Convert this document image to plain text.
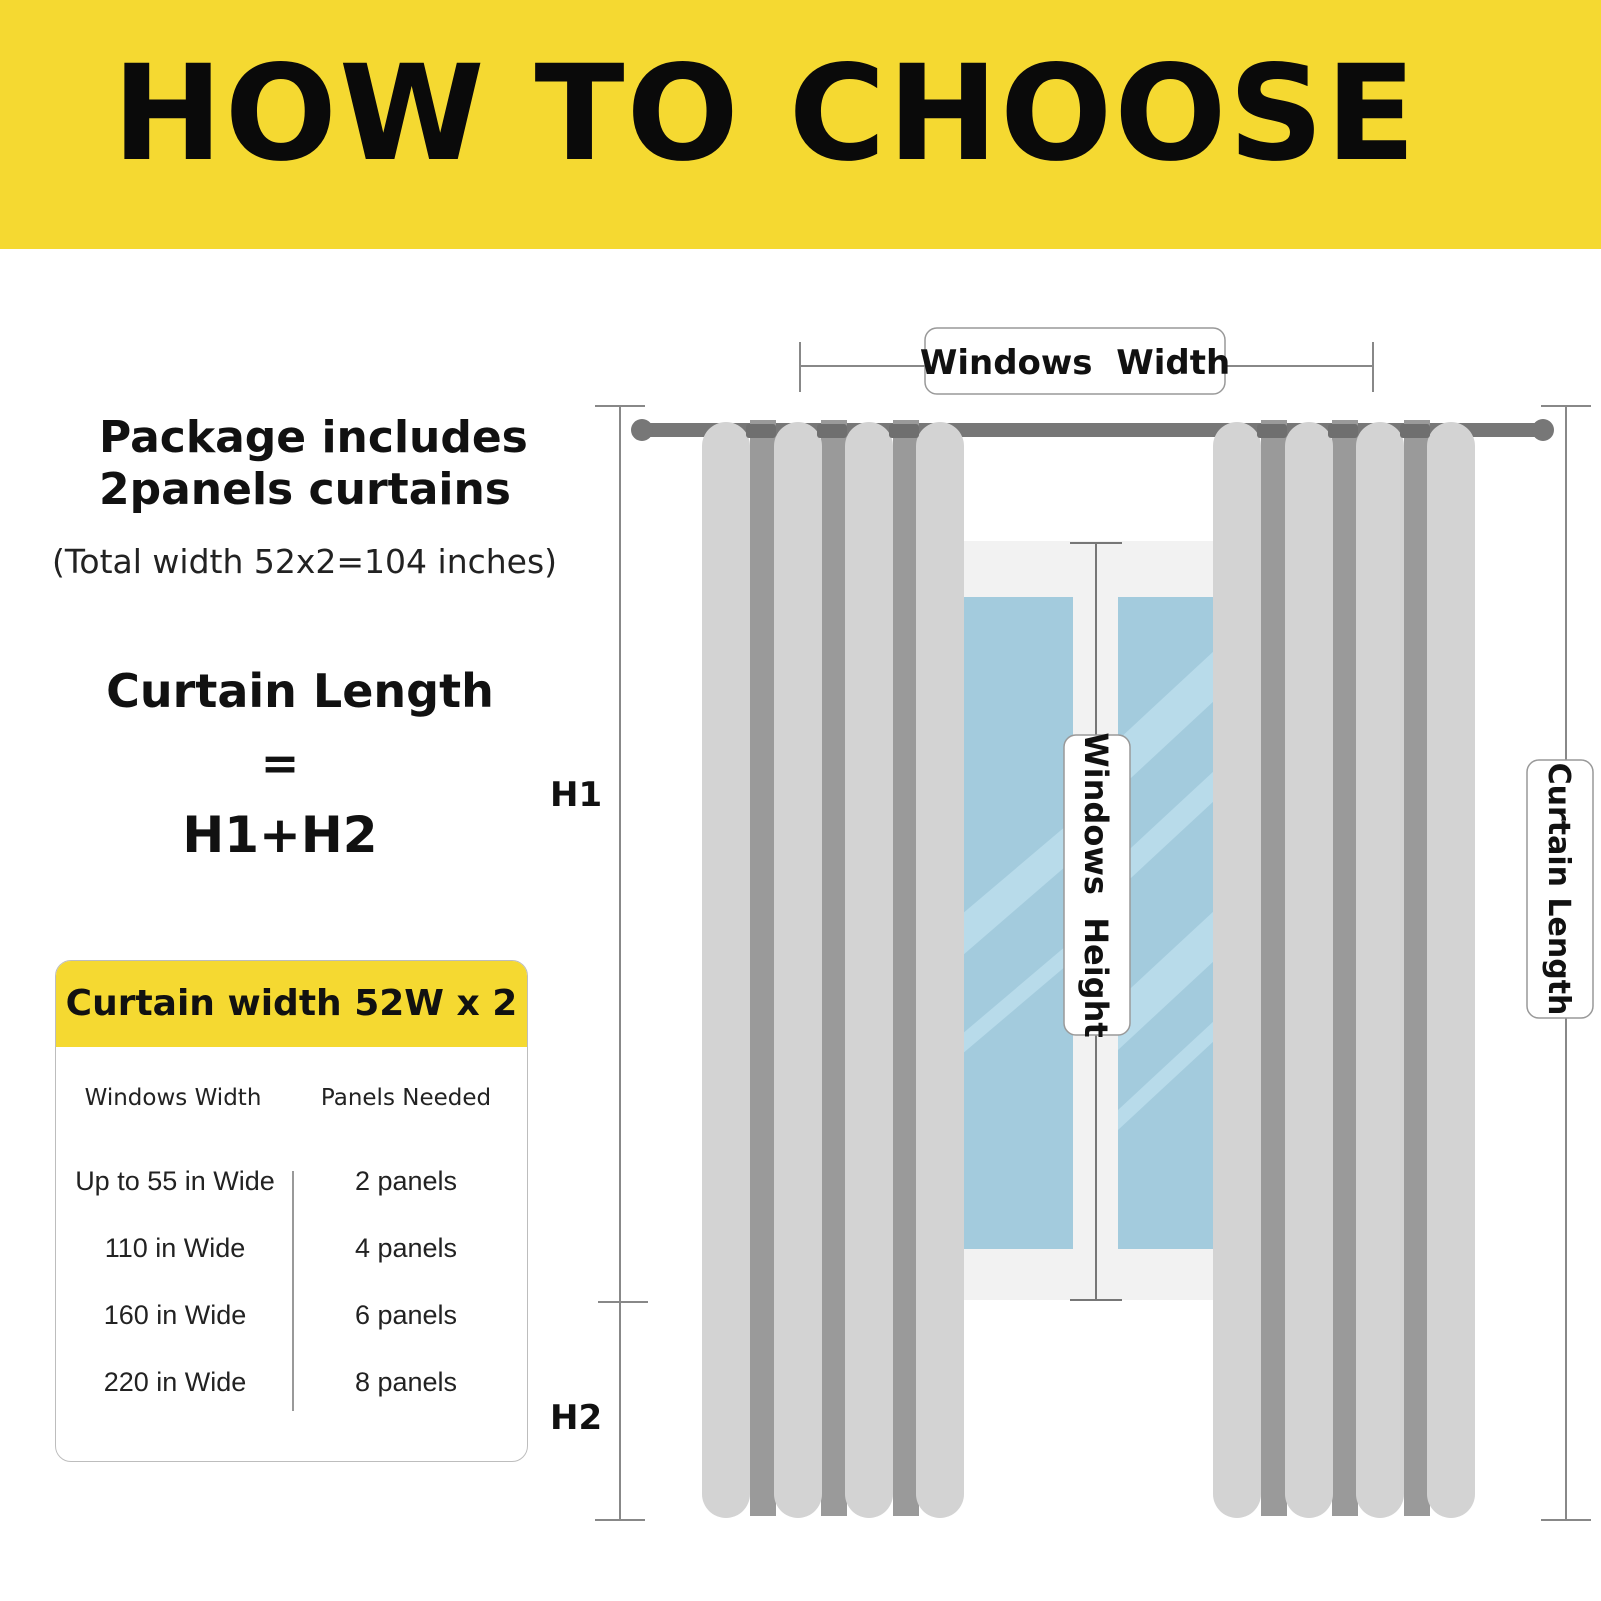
HOW TO CHOOSE
Package includes
2panels curtains
(Total width 52x2=104 inches)
Curtain Length
=
H1+H2
Curtain width 52W x 2
Windows Width	Panels Needed
Up to 55 in Wide	2 panels
110 in Wide	4 panels
160 in Wide	6 panels
220 in Wide	8 panels
H1
H2
Windows  Width
Windows  Height	Curtain Length
